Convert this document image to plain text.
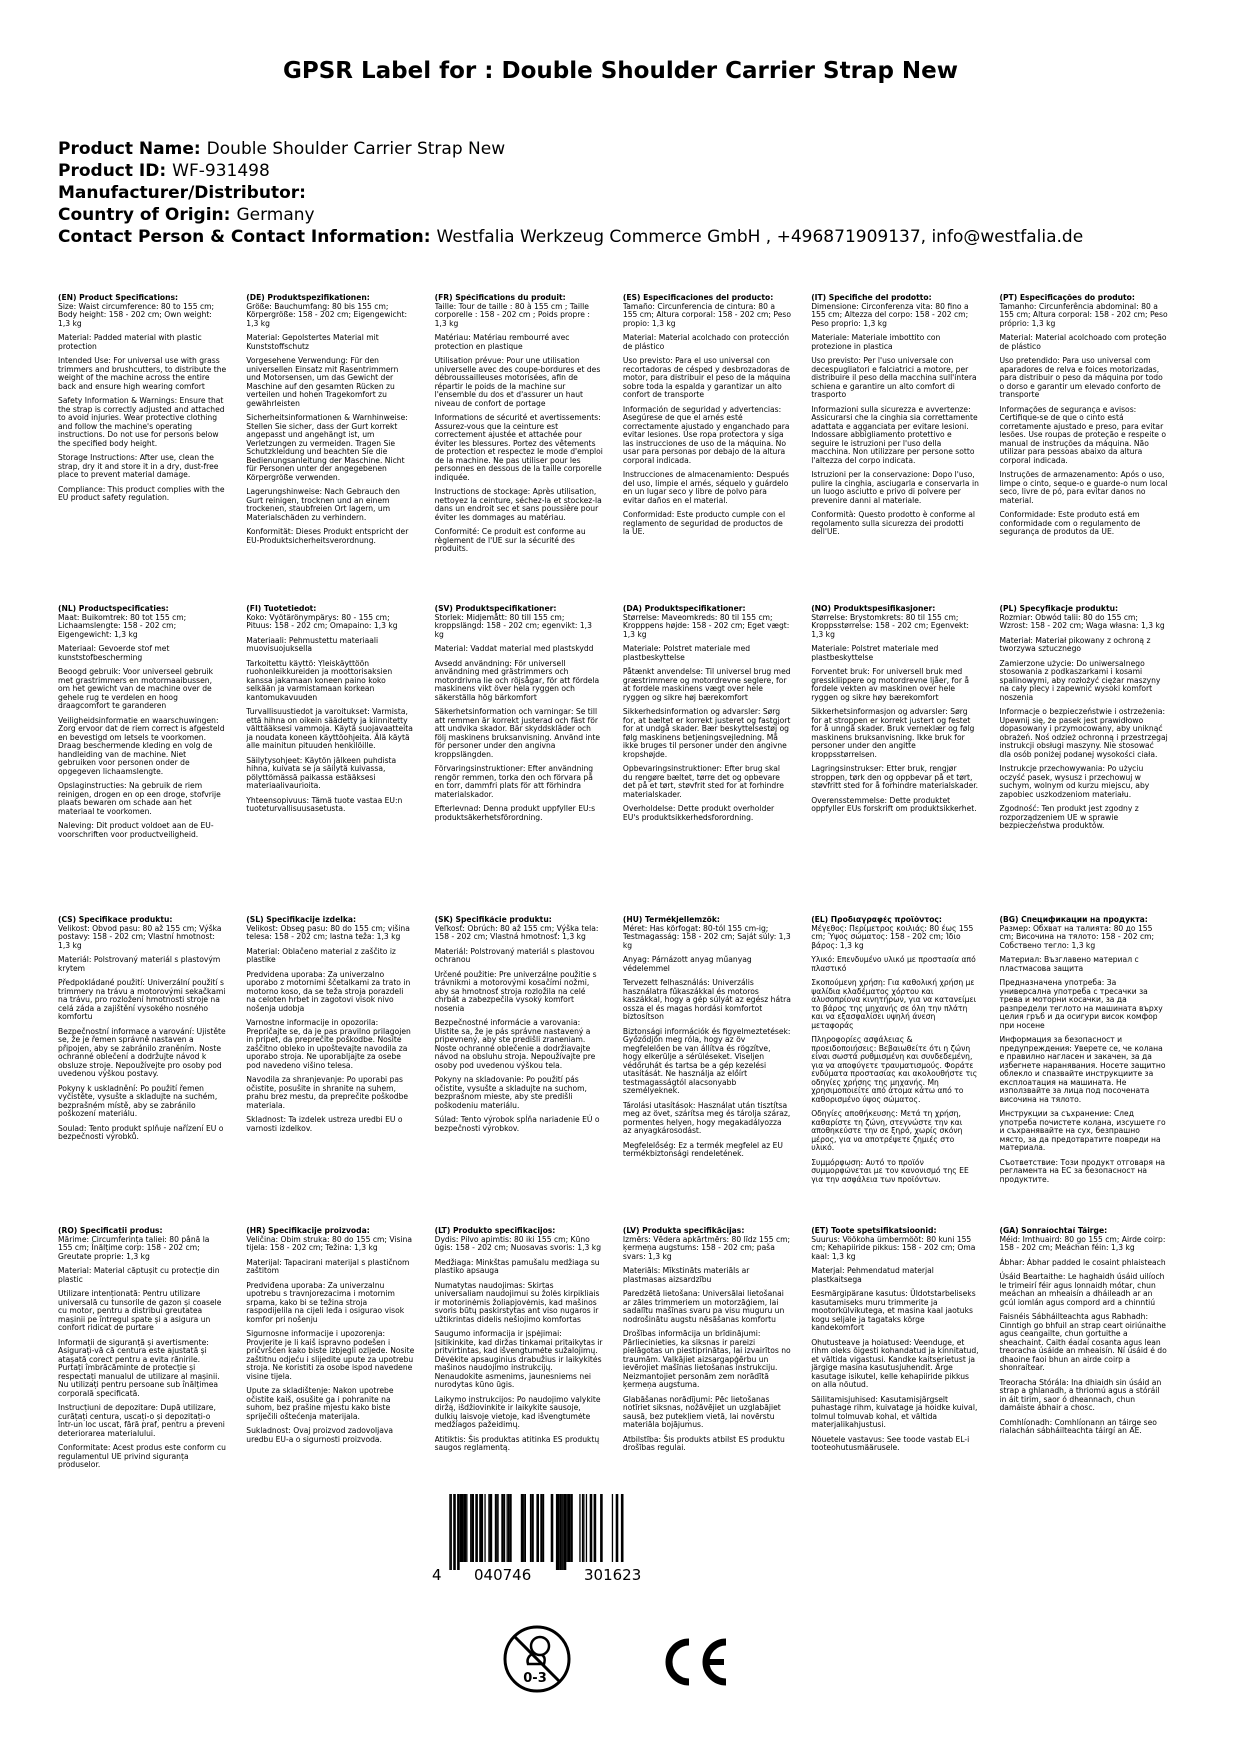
GPSR Label for : Double Shoulder Carrier Strap New
Product Name: Double Shoulder Carrier Strap New
Product ID: WF-931498
Manufacturer/Distributor:
Country of Origin: Germany
Contact Person & Contact Information: Westfalia Werkzeug Commerce GmbH , +496871909137, info@westfalia.de

(EN) Product Specifications:

Size: Waist circumference: 80 to 155 cm; Body height: 158 - 202 cm; Own weight: 1,3 kg

Material: Padded material with plastic protection

Intended Use: For universal use with grass trimmers and brushcutters, to distribute the weight of the machine across the entire back and ensure high wearing comfort

Safety Information & Warnings: Ensure that the strap is correctly adjusted and attached to avoid injuries. Wear protective clothing and follow the machine's operating instructions. Do not use for persons below the specified body height.

Storage Instructions: After use, clean the strap, dry it and store it in a dry, dust-free place to prevent material damage.

Compliance: This product complies with the EU product safety regulation.

(DE) Produktspezifikationen:

Größe: Bauchumfang: 80 bis 155 cm; Körpergröße: 158 - 202 cm; Eigengewicht: 1,3 kg

Material: Gepolstertes Material mit Kunststoffschutz

Vorgesehene Verwendung: Für den universellen Einsatz mit Rasentrimmern und Motorsensen, um das Gewicht der Maschine auf den gesamten Rücken zu verteilen und hohen Tragekomfort zu gewährleisten

Sicherheitsinformationen & Warnhinweise: Stellen Sie sicher, dass der Gurt korrekt angepasst und angehängt ist, um Verletzungen zu vermeiden. Tragen Sie Schutzkleidung und beachten Sie die Bedienungsanleitung der Maschine. Nicht für Personen unter der angegebenen Körpergröße verwenden.

Lagerungshinweise: Nach Gebrauch den Gurt reinigen, trocknen und an einem trockenen, staubfreien Ort lagern, um Materialschäden zu verhindern.

Konformität: Dieses Produkt entspricht der EU-Produktsicherheitsverordnung.

(FR) Spécifications du produit:

Taille: Tour de taille : 80 à 155 cm ; Taille corporelle : 158 - 202 cm ; Poids propre : 1,3 kg

Matériau: Matériau rembourré avec protection en plastique

Utilisation prévue: Pour une utilisation universelle avec des coupe-bordures et des débroussailleuses motorisées, afin de répartir le poids de la machine sur l'ensemble du dos et d'assurer un haut niveau de confort de portage

Informations de sécurité et avertissements: Assurez-vous que la ceinture est correctement ajustée et attachée pour éviter les blessures. Portez des vêtements de protection et respectez le mode d'emploi de la machine. Ne pas utiliser pour les personnes en dessous de la taille corporelle indiquée.

Instructions de stockage: Après utilisation, nettoyez la ceinture, séchez-la et stockez-la dans un endroit sec et sans poussière pour éviter les dommages au matériau.

Conformité: Ce produit est conforme au règlement de l'UE sur la sécurité des produits.

(ES) Especificaciones del producto:

Tamaño: Circunferencia de cintura: 80 a 155 cm; Altura corporal: 158 - 202 cm; Peso propio: 1,3 kg

Material: Material acolchado con protección de plástico

Uso previsto: Para el uso universal con recortadoras de césped y desbrozadoras de motor, para distribuir el peso de la máquina sobre toda la espalda y garantizar un alto confort de transporte

Información de seguridad y advertencias: Asegúrese de que el arnés esté correctamente ajustado y enganchado para evitar lesiones. Use ropa protectora y siga las instrucciones de uso de la máquina. No usar para personas por debajo de la altura corporal indicada.

Instrucciones de almacenamiento: Después del uso, limpie el arnés, séquelo y guárdelo en un lugar seco y libre de polvo para evitar daños en el material.

Conformidad: Este producto cumple con el reglamento de seguridad de productos de la UE.

(IT) Specifiche del prodotto:

Dimensione: Circonferenza vita: 80 fino a 155 cm; Altezza del corpo: 158 - 202 cm; Peso proprio: 1,3 kg

Materiale: Materiale imbottito con protezione in plastica

Uso previsto: Per l'uso universale con decespugliatori e falciatrici a motore, per distribuire il peso della macchina sull'intera schiena e garantire un alto comfort di trasporto

Informazioni sulla sicurezza e avvertenze: Assicurarsi che la cinghia sia correttamente adattata e agganciata per evitare lesioni. Indossare abbigliamento protettivo e seguire le istruzioni per l'uso della macchina. Non utilizzare per persone sotto l'altezza del corpo indicata.

Istruzioni per la conservazione: Dopo l'uso, pulire la cinghia, asciugarla e conservarla in un luogo asciutto e privo di polvere per prevenire danni al materiale.

Conformità: Questo prodotto è conforme al regolamento sulla sicurezza dei prodotti dell'UE.

(PT) Especificações do produto:

Tamanho: Circunferência abdominal: 80 a 155 cm; Altura corporal: 158 - 202 cm; Peso próprio: 1,3 kg

Material: Material acolchoado com proteção de plástico

Uso pretendido: Para uso universal com aparadores de relva e foices motorizadas, para distribuir o peso da máquina por todo o dorso e garantir um elevado conforto de transporte

Informações de segurança e avisos: Certifique-se de que o cinto está corretamente ajustado e preso, para evitar lesões. Use roupas de proteção e respeite o manual de instruções da máquina. Não utilizar para pessoas abaixo da altura corporal indicada.

Instruções de armazenamento: Após o uso, limpe o cinto, seque-o e guarde-o num local seco, livre de pó, para evitar danos no material.

Conformidade: Este produto está em conformidade com o regulamento de segurança de produtos da UE.

(NL) Productspecificaties:

Maat: Buikomtrek: 80 tot 155 cm; Lichaamslengte: 158 - 202 cm; Eigengewicht: 1,3 kg

Materiaal: Gevoerde stof met kunststofbescherming

Beoogd gebruik: Voor universeel gebruik met grastrimmers en motormaaibussen, om het gewicht van de machine over de gehele rug te verdelen en hoog draagcomfort te garanderen

Veiligheidsinformatie en waarschuwingen: Zorg ervoor dat de riem correct is afgesteld en bevestigd om letsels te voorkomen. Draag beschermende kleding en volg de handleiding van de machine. Niet gebruiken voor personen onder de opgegeven lichaamslengte.

Opslaginstructies: Na gebruik de riem reinigen, drogen en op een droge, stofvrije plaats bewaren om schade aan het materiaal te voorkomen.

Naleving: Dit product voldoet aan de EU-voorschriften voor productveiligheid.

(FI) Tuotetiedot:

Koko: Vyötärönympärys: 80 - 155 cm; Pituus: 158 - 202 cm; Omapaino: 1,3 kg

Materiaali: Pehmustettu materiaali muovisuojuksella

Tarkoitettu käyttö: Yleiskäyttöön ruohonleikkureiden ja moottorisaksien kanssa jakamaan koneen paino koko selkään ja varmistamaan korkean kantomukavuuden

Turvallisuustiedot ja varoitukset: Varmista, että hihna on oikein säädetty ja kiinnitetty välttääksesi vammoja. Käytä suojavaatteita ja noudata koneen käyttöohjeita. Älä käytä alle mainitun pituuden henkilöille.

Säilytysohjeet: Käytön jälkeen puhdista hihna, kuivata se ja säilytä kuivassa, pölyttömässä paikassa estääksesi materiaalivaurioita.

Yhteensopivuus: Tämä tuote vastaa EU:n tuoteturvallisuusasetusta.

(SV) Produktspecifikationer:

Storlek: Midjemått: 80 till 155 cm; kroppslängd: 158 - 202 cm; egenvikt: 1,3 kg

Material: Vaddat material med plastskydd

Avsedd användning: För universell användning med grästrimmers och motordrivna lie och röjsågar, för att fördela maskinens vikt över hela ryggen och säkerställa hög bärkomfort

Säkerhetsinformation och varningar: Se till att remmen är korrekt justerad och fäst för att undvika skador. Bär skyddskläder och följ maskinens bruksanvisning. Använd inte för personer under den angivna kroppslängden.

Förvaringsinstruktioner: Efter användning rengör remmen, torka den och förvara på en torr, dammfri plats för att förhindra materialskador.

Efterlevnad: Denna produkt uppfyller EU:s produktsäkerhetsförordning.

(DA) Produktspecifikationer:

Størrelse: Maveomkreds: 80 til 155 cm; Kropppens højde: 158 - 202 cm; Eget vægt: 1,3 kg

Materiale: Polstret materiale med plastbeskyttelse

Påtænkt anvendelse: Til universel brug med græstrimmere og motordrevne seglere, for at fordele maskinens vægt over hele ryggen og sikre høj bærekomfort

Sikkerhedsinformation og advarsler: Sørg for, at bæltet er korrekt justeret og fastgjort for at undgå skader. Bær beskyttelsestøj og følg maskinens betjeningsvejledning. Må ikke bruges til personer under den angivne kropshøjde.

Opbevaringsinstruktioner: Efter brug skal du rengøre bæltet, tørre det og opbevare det på et tørt, støvfrit sted for at forhindre materialskader.

Overholdelse: Dette produkt overholder EU's produktsikkerhedsforordning.

(NO) Produktspesifikasjoner:

Størrelse: Brystomkrets: 80 til 155 cm; Kroppsstørrelse: 158 - 202 cm; Egenvekt: 1,3 kg

Materiale: Polstret materiale med plastbeskyttelse

Forventet bruk: For universell bruk med gresskliippere og motordrevne ljåer, for å fordele vekten av maskinen over hele ryggen og sikre høy bærekomfort

Sikkerhetsinformasjon og advarsler: Sørg for at stroppen er korrekt justert og festet for å unngå skader. Bruk verneklær og følg maskinens bruksanvisning. Ikke bruk for personer under den angitte kroppsstørrelsen.

Lagringsinstrukser: Etter bruk, rengjør stroppen, tørk den og oppbevar på et tørt, støvfritt sted for å forhindre materialskader.

Overensstemmelse: Dette produktet oppfyller EUs forskrift om produktsikkerhet.

(PL) Specyfikacje produktu:

Rozmiar: Obwód talii: 80 do 155 cm; Wzrost: 158 - 202 cm; Waga własna: 1,3 kg

Materiał: Materiał pikowany z ochroną z tworzywa sztucznego

Zamierzone użycie: Do uniwersalnego stosowania z podkaszarkami i kosami spalinowymi, aby rozłożyć ciężar maszyny na cały plecy i zapewnić wysoki komfort noszenia

Informacje o bezpieczeństwie i ostrzeżenia: Upewnij się, że pasek jest prawidłowo dopasowany i przymocowany, aby uniknąć obrażeń. Noś odzież ochronną i przestrzegaj instrukcji obsługi maszyny. Nie stosować dla osób poniżej podanej wysokości ciała.

Instrukcje przechowywania: Po użyciu oczyść pasek, wysusz i przechowuj w suchym, wolnym od kurzu miejscu, aby zapobiec uszkodzeniom materiału.

Zgodność: Ten produkt jest zgodny z rozporządzeniem UE w sprawie bezpieczeństwa produktów.

(CS) Specifikace produktu:

Velikost: Obvod pasu: 80 až 155 cm; Výška postavy: 158 - 202 cm; Vlastní hmotnost: 1,3 kg

Materiál: Polstrovaný materiál s plastovým krytem

Předpokládané použití: Univerzální použití s trimmery na trávu a motorovými sekačkami na trávu, pro rozložení hmotnosti stroje na celá záda a zajištění vysokého nosného komfortu

Bezpečnostní informace a varování: Ujistěte se, že je řemen správně nastaven a připojen, aby se zabránilo zraněním. Noste ochranné oblečení a dodržujte návod k obsluze stroje. Nepoužívejte pro osoby pod uvedenou výškou postavy.

Pokyny k uskladnění: Po použití řemen vyčistěte, vysušte a skladujte na suchém, bezprašném místě, aby se zabránilo poškození materiálu.

Soulad: Tento produkt splňuje nařízení EU o bezpečnosti výrobků.

(SL) Specifikacije izdelka:

Velikost: Obseg pasu: 80 do 155 cm; višina telesa: 158 - 202 cm; lastna teža: 1,3 kg

Material: Oblačeno material z zaščito iz plastike

Predvidena uporaba: Za univerzalno uporabo z motornimi ščetalkami za trato in motorno koso, da se teža stroja porazdeli na celoten hrbet in zagotovi visok nivo nošenja udobja

Varnostne informacije in opozorila: Prepričajte se, da je pas pravilno prilagojen in pripet, da preprečite poškodbe. Nosite zaščitno obleko in upoštevajte navodila za uporabo stroja. Ne uporabljajte za osebe pod navedeno višino telesa.

Navodila za shranjevanje: Po uporabi pas očistite, posušite in shranite na suhem, prahu brez mestu, da preprečite poškodbe materiala.

Skladnost: Ta izdelek ustreza uredbi EU o varnosti izdelkov.

(SK) Špecifikácie produktu:

Veľkosť: Obrúch: 80 až 155 cm; Výška tela: 158 - 202 cm; Vlastná hmotnosť: 1,3 kg

Materiál: Polstrovaný materiál s plastovou ochranou

Určené použitie: Pre univerzálne použitie s trávnikmi a motorovými kosačími nožmi, aby sa hmotnosť stroja rozložila na celé chrbát a zabezpečila vysoký komfort nosenia

Bezpečnostné informácie a varovania: Uistite sa, že je pás správne nastavený a pripevnený, aby ste predišli zraneniam. Noste ochranné oblečenie a dodržiavajte návod na obsluhu stroja. Nepoužívajte pre osoby pod uvedenou výškou tela.

Pokyny na skladovanie: Po použití pás očistite, vysušte a skladujte na suchom, bezprašnom mieste, aby ste predišli poškodeniu materiálu.

Súlad: Tento výrobok spĺňa nariadenie EÚ o bezpečnosti výrobkov.

(HU) Termékjellemzők:

Méret: Has körfogat: 80-tól 155 cm-ig; Testmagasság: 158 - 202 cm; Saját súly: 1,3 kg

Anyag: Párnázott anyag műanyag védelemmel

Tervezett felhasználás: Univerzális használatra fűkaszákkal és motoros kaszákkal, hogy a gép súlyát az egész hátra ossza el és magas hordási komfortot biztosítson

Biztonsági információk és figyelmeztetések: Győződjön meg róla, hogy az öv megfelelően be van állítva és rögzítve, hogy elkerülje a sérüléseket. Viseljen védőruhát és tartsa be a gép kezelési utasítását. Ne használja az előírt testmagasságtól alacsonyabb személyeknek.

Tárolási utasítások: Használat után tisztítsa meg az övet, szárítsa meg és tárolja száraz, pormentes helyen, hogy megakadályozza az anyagkárosodást.

Megfelelőség: Ez a termék megfelel az EU termékbiztonsági rendeletének.

(EL) Προδιαγραφές προϊόντος:

Μέγεθος: Περίμετρος κοιλιάς: 80 έως 155 cm; Ύψος σώματος: 158 - 202 cm; Ίδιο βάρος: 1,3 kg

Υλικό: Επενδυμένο υλικό με προστασία από πλαστικό

Σκοπούμενη χρήση: Για καθολική χρήση με ψαλίδια κλαδέματος χόρτου και αλυσοπρίονα κινητήρων, για να κατανείμει το βάρος της μηχανής σε όλη την πλάτη και να εξασφαλίσει υψηλή άνεση μεταφοράς

Πληροφορίες ασφάλειας & προειδοποιήσεις: Βεβαιωθείτε ότι η ζώνη είναι σωστά ρυθμισμένη και συνδεδεμένη, για να αποφύγετε τραυματισμούς. Φοράτε ενδύματα προστασίας και ακολουθήστε τις οδηγίες χρήσης της μηχανής. Μη χρησιμοποιείτε από άτομα κάτω από το καθορισμένο ύψος σώματος.

Οδηγίες αποθήκευσης: Μετά τη χρήση, καθαρίστε τη ζώνη, στεγνώστε την και αποθηκεύστε την σε ξηρό, χωρίς σκόνη μέρος, για να αποτρέψετε ζημιές στο υλικό.

Συμμόρφωση: Αυτό το προϊόν συμμορφώνεται με τον κανονισμό της ΕΕ για την ασφάλεια των προϊόντων.

(BG) Спецификации на продукта:

Размер: Обхват на талията: 80 до 155 cm; Височина на тялото: 158 - 202 cm; Собствено тегло: 1,3 kg

Материал: Възглавено материал с пластмасова защита

Предназначена употреба: За универсална употреба с тресачки за трева и моторни косачки, за да разпредели теглото на машината върху целия гръб и да осигури висок комфор при носене

Информация за безопасност и предупреждения: Уверете се, че колана е правилно нагласен и закачен, за да избегнете наранявания. Носете защитно облекло и спазвайте инструкциите за експлоатация на машината. Не използвайте за лица под посочената височина на тялото.

Инструкции за съхранение: След употреба почистете колана, изсушете го и съхранявайте на сух, безпрашно място, за да предотвратите повреди на материала.

Съответствие: Този продукт отговаря на регламента на ЕС за безопасност на продуктите.

(RO) Specificații produs:

Mărime: Circumferința taliei: 80 până la 155 cm; Înălțime corp: 158 - 202 cm; Greutate proprie: 1,3 kg

Material: Material căptușit cu protecție din plastic

Utilizare intenționată: Pentru utilizare universală cu tunsorile de gazon și coasele cu motor, pentru a distribui greutatea mașinii pe întregul spate și a asigura un confort ridicat de purtare

Informații de siguranță și avertismente: Asigurați-vă că centura este ajustată și atașată corect pentru a evita rănirile. Purtați îmbrăcăminte de protecție și respectați manualul de utilizare al mașinii. Nu utilizați pentru persoane sub înălțimea corporală specificată.

Instrucțiuni de depozitare: După utilizare, curățați centura, uscați-o și depozitați-o într-un loc uscat, fără praf, pentru a preveni deteriorarea materialului.

Conformitate: Acest produs este conform cu regulamentul UE privind siguranța produselor.

(HR) Specifikacije proizvoda:

Veličina: Obim struka: 80 do 155 cm; Visina tijela: 158 - 202 cm; Težina: 1,3 kg

Materijal: Tapacirani materijal s plastičnom zaštitom

Predviđena uporaba: Za univerzalnu upotrebu s travnjorezacima i motornim srpama, kako bi se težina stroja raspodijelila na cijeli leđa i osigurao visok komfor pri nošenju

Sigurnosne informacije i upozorenja: Provjerite je li kaiš ispravno podešen i pričvršćen kako biste izbjegli ozljede. Nosite zaštitnu odjeću i slijedite upute za upotrebu stroja. Ne koristiti za osobe ispod navedene visine tijela.

Upute za skladištenje: Nakon upotrebe očistite kaiš, osušite ga i pohranite na suhom, bez prašine mjestu kako biste spriječili oštećenja materijala.

Sukladnost: Ovaj proizvod zadovoljava uredbu EU-a o sigurnosti proizvoda.

(LT) Produkto specifikacijos:

Dydis: Pilvo apimtis: 80 iki 155 cm; Kūno ūgis: 158 - 202 cm; Nuosavas svoris: 1,3 kg

Medžiaga: Minkštas pamušalu medžiaga su plastiko apsauga

Numatytas naudojimas: Skirtas universaliam naudojimui su žolės kirpikliais ir motorinėmis žoliapjovėmis, kad mašinos svoris būtų paskirstytas ant viso nugaros ir užtikrintas didelis nešiojimo komfortas

Saugumo informacija ir įspėjimai: Įsitikinkite, kad diržas tinkamai pritaikytas ir pritvirtintas, kad išvengtumėte sužalojimų. Dėvėkite apsauginius drabužius ir laikykitės mašinos naudojimo instrukcijų. Nenaudokite asmenims, jaunesniems nei nurodytas kūno ūgis.

Laikymo instrukcijos: Po naudojimo valykite diržą, išdžiovinkite ir laikykite sausoje, dulkių laisvoje vietoje, kad išvengtumėte medžiagos pažeidimų.

Atitiktis: Šis produktas atitinka ES produktų saugos reglamentą.

(LV) Produkta specifikācijas:

Izmērs: Vēdera apkārtmērs: 80 līdz 155 cm; ķermeņa augstums: 158 - 202 cm; paša svars: 1,3 kg

Materiāls: Mīkstināts materiāls ar plastmasas aizsardzību

Paredzētā lietošana: Universālai lietošanai ar zāles trimmeriem un motorzāģiem, lai sadalītu mašīnas svaru pa visu muguru un nodrošinātu augstu nēsāšanas komfortu

Drošības informācija un brīdinājumi: Pārliecinieties, ka siksnas ir pareizi pielāgotas un piestiprinātas, lai izvairītos no traumām. Valkājiet aizsargapģērbu un ievērojiet mašīnas lietošanas instrukciju. Neizmantojiet personām zem norādītā ķermeņa augstuma.

Glabāšanas norādījumi: Pēc lietošanas notīriet siksnas, nožāvējiet un uzglabājiet sausā, bez putekļiem vietā, lai novērstu materiāla bojājumus.

Atbilstība: Šis produkts atbilst ES produktu drošības regulai.

(ET) Toote spetsifikatsioonid:

Suurus: Vöökoha ümbermööt: 80 kuni 155 cm; Kehapiiride pikkus: 158 - 202 cm; Oma kaal: 1,3 kg

Materjal: Pehmendatud materjal plastkaitsega

Eesmärgipärane kasutus: Üldotstarbeliseks kasutamiseks muru trimmerite ja mootorkülvikutega, et masina kaal jaotuks kogu seljale ja tagataks kõrge kandekomfort

Ohutusteave ja hoiatused: Veenduge, et rihm oleks õigesti kohandatud ja kinnitatud, et vältida vigastusi. Kandke kaitserietust ja järgige masina kasutusjuhendit. Ärge kasutage isikutel, kelle kehapiiride pikkus on alla nõutud.

Säilitamisjuhised: Kasutamisjärgselt puhastage rihm, kuivatage ja hoidke kuival, tolmul tolmuvab kohal, et vältida materjalikahjustusi.

Nõuetele vastavus: See toode vastab EL-i tooteohutusmäärusele.

(GA) Sonraíochtaí Táirge:

Méid: Imthuaird: 80 go 155 cm; Airde coirp: 158 - 202 cm; Meáchan féin: 1,3 kg

Ábhar: Ábhar padded le cosaint phlaisteach

Úsáid Beartaithe: Le haghaidh úsáid uilíoch le trimeirí féir agus lonnaidh mótar, chun meáchan an mheaisín a dháileadh ar an gcúl iomlán agus compord ard a chinntiú

Faisnéis Sábháilteachta agus Rabhadh: Cinntigh go bhfuil an strap ceart oiriúnaithe agus ceangailte, chun gortuithe a sheachaint. Caith éadaí cosanta agus lean treoracha úsáide an mheaisín. Ní úsáid é do dhaoine faoi bhun an airde coirp a shonraítear.

Treoracha Stórála: Ina dhiaidh sin úsáid an strap a ghlanadh, a thriomú agus a stóráil in áit tirim, saor ó dheannach, chun damáiste ábhair a chosc.

Comhlíonadh: Comhlíonann an táirge seo rialachán sábháilteachta táirgí an AE.

4 040746	301623
0-3
